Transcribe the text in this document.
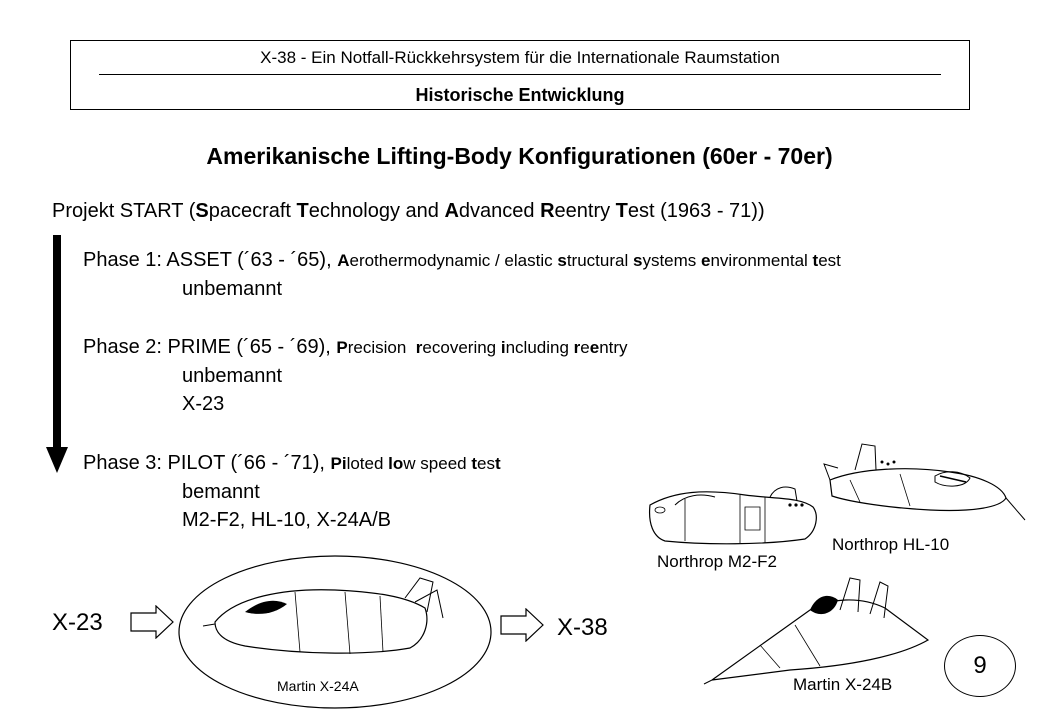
X-38 - Ein Notfall-Rückkehrsystem für die Internationale Raumstation
Historische Entwicklung
Amerikanische Lifting-Body Konfigurationen (60er - 70er)
Projekt START (Spacecraft Technology and Advanced Reentry Test (1963 - 71))
Phase 1: ASSET (´63 - ´65), Aerothermodynamic / elastic structural systems environmental test
unbemannt
Phase 2: PRIME (´65 - ´69), Precision  recovering including reentry
unbemannt
X-23
Phase 3: PILOT (´66 - ´71), Piloted low speed test
bemannt
M2-F2, HL-10, X-24A/B
X-23	X-38
Northrop M2-F2
Northrop HL-10
Martin X-24A	Martin X-24B
9
